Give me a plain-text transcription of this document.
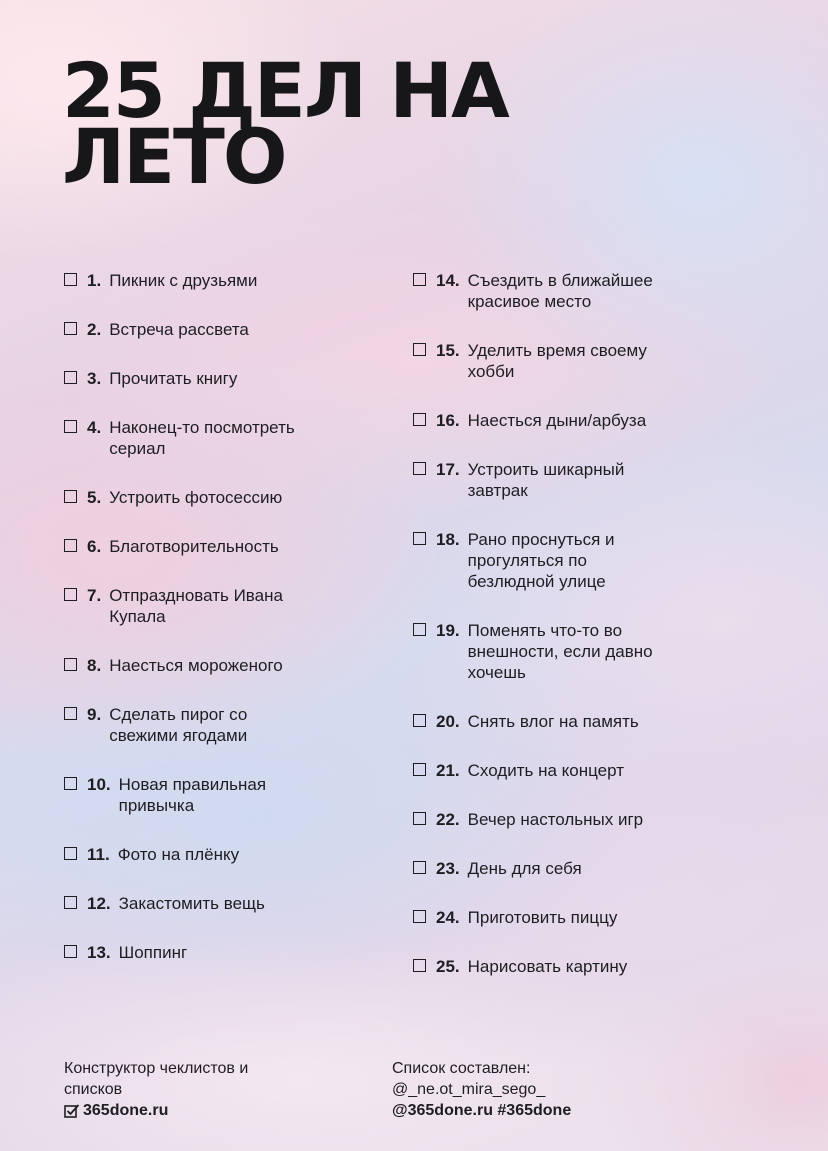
25 ДЕЛ НА
ЛЕТО
1. Пикник с друзьями
2. Встреча рассвета
3. Прочитать книгу
4. Наконец-то посмотреть сериал
5. Устроить фотосессию
6. Благотворительность
7. Отпраздновать Ивана Купала
8. Наесться мороженого
9. Сделать пирог со свежими ягодами
10. Новая правильная привычка
11. Фото на плёнку
12. Закастомить вещь
13. Шоппинг
14. Съездить в ближайшее красивое место
15. Уделить время своему хобби
16. Наесться дыни/арбуза
17. Устроить шикарный завтрак
18. Рано проснуться и прогуляться по безлюдной улице
19. Поменять что-то во внешности, если давно хочешь
20. Снять влог на память
21. Сходить на концерт
22. Вечер настольных игр
23. День для себя
24. Приготовить пиццу
25. Нарисовать картину
Конструктор чеклистов и
списков
365done.ru
Список составлен:
@_ne.ot_mira_sego_
@365done.ru #365done
